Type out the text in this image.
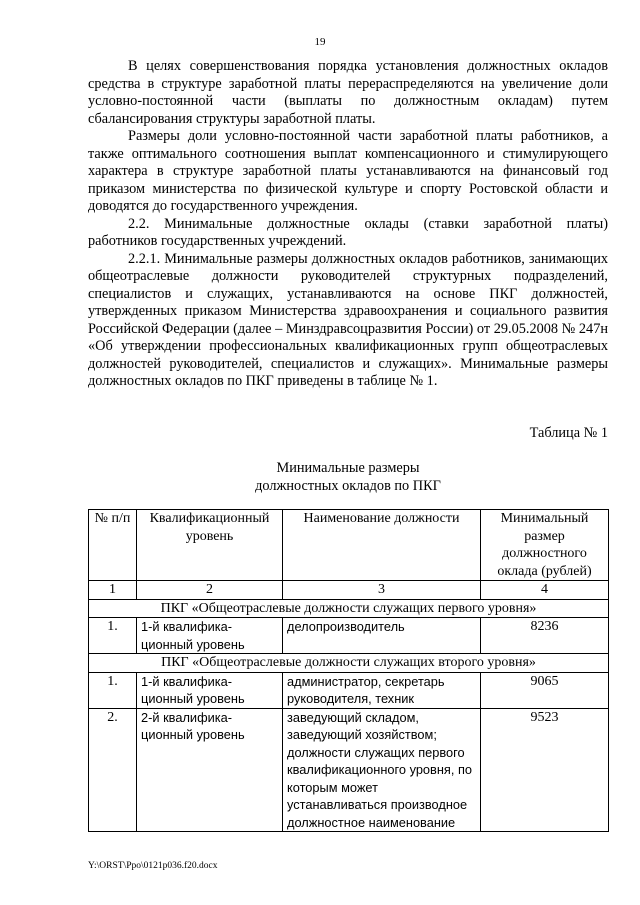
19

В целях совершенствования порядка установления должностных окладов средства в структуре заработной платы перераспределяются на увеличение доли условно-постоянной части (выплаты по должностным окладам) путем сбалансирования структуры заработной платы.

Размеры доли условно-постоянной части заработной платы работников, а также оптимального соотношения выплат компенсационного и стимулирующего характера в структуре заработной платы устанавливаются на финансовый год приказом министерства по физической культуре и спорту Ростовской области и доводятся до государственного учреждения.

2.2. Минимальные должностные оклады (ставки заработной платы) работников государственных учреждений.

2.2.1. Минимальные размеры должностных окладов работников, занимающих общеотраслевые должности руководителей структурных подразделений, специалистов и служащих, устанавливаются на основе ПКГ должностей, утвержденных приказом Министерства здравоохранения и социального развития Российской Федерации (далее – Минздравсоцразвития России) от 29.05.2008 № 247н «Об утверждении профессиональных квалификационных групп общеотраслевых должностей руководителей, специалистов и служащих». Минимальные размеры должностных окладов по ПКГ приведены в таблице № 1.

Таблица № 1
Минимальные размеры
должностных окладов по ПКГ
№ п/п	Квалификационный уровень	Наименование должности	Минимальный размер должностного оклада (рублей)
1	2	3	4
ПКГ «Общеотраслевые должности служащих первого уровня»			
1.	1-й квалифика-ционный уровень	делопроизводитель	8236
ПКГ «Общеотраслевые должности служащих второго уровня»			
1.	1-й квалифика-ционный уровень	администратор, секретарь руководителя, техник	9065
2.	2-й квалифика-ционный уровень	заведующий складом, заведующий хозяйством; должности служащих первого квалификационного уровня, по которым может устанавливаться производное должностное наименование	9523
Y:\ORST\Ppo\0121p036.f20.docx
